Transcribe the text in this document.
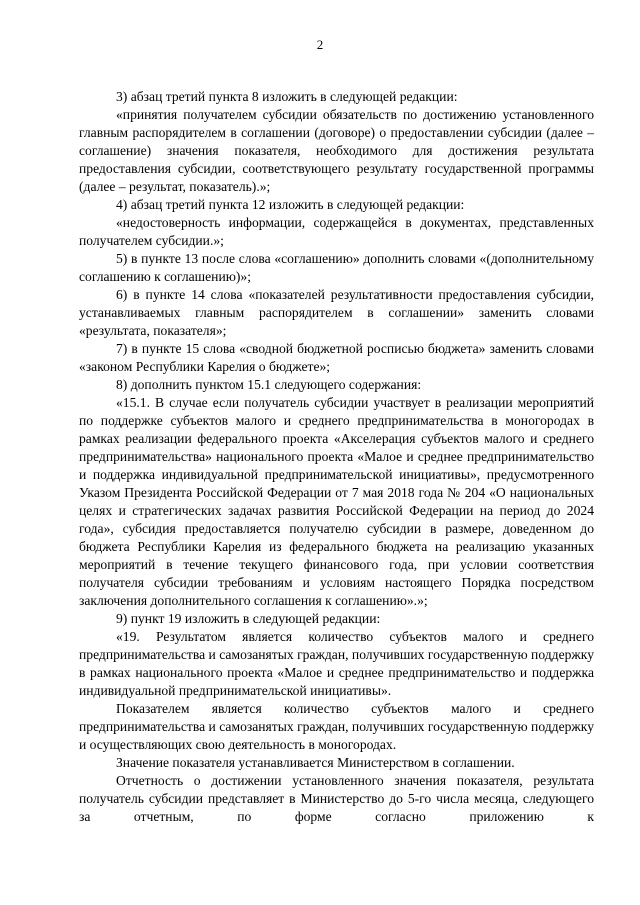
2

3) абзац третий пункта 8 изложить в следующей редакции:

«принятия получателем субсидии обязательств по достижению установленного главным распорядителем в соглашении (договоре) о предоставлении субсидии (далее – соглашение) значения показателя, необходимого для достижения результата предоставления субсидии, соответствующего результату государственной программы (далее – результат, показатель).»;

4) абзац третий пункта 12 изложить в следующей редакции:

«недостоверность информации, содержащейся в документах, представленных получателем субсидии.»;

5) в пункте 13 после слова «соглашению» дополнить словами «(дополнительному соглашению к соглашению)»;

6) в пункте 14 слова «показателей результативности предоставления субсидии, устанавливаемых главным распорядителем в соглашении» заменить словами «результата, показателя»;

7) в пункте 15 слова «сводной бюджетной росписью бюджета» заменить словами «законом Республики Карелия о бюджете»;

8) дополнить пунктом 15.1 следующего содержания:

«15.1. В случае если получатель субсидии участвует в реализации мероприятий по поддержке субъектов малого и среднего предпринимательства в моногородах в рамках реализации федерального проекта «Акселерация субъектов малого и среднего предпринимательства» национального проекта «Малое и среднее предпринимательство и поддержка индивидуальной предпринимательской инициативы», предусмотренного Указом Президента Российской Федерации от 7 мая 2018 года № 204 «О национальных целях и стратегических задачах развития Российской Федерации на период до 2024 года», субсидия предоставляется получателю субсидии в размере, доведенном до бюджета Республики Карелия из федерального бюджета на реализацию указанных мероприятий в течение текущего финансового года, при условии соответствия получателя субсидии требованиям и условиям настоящего Порядка посредством заключения дополнительного соглашения к соглашению».»;

9) пункт 19 изложить в следующей редакции:

«19. Результатом является количество субъектов малого и среднего предпринимательства и самозанятых граждан, получивших государственную поддержку в рамках национального проекта «Малое и среднее предпринимательство и поддержка индивидуальной предпринимательской инициативы».

Показателем является количество субъектов малого и среднего предпринимательства и самозанятых граждан, получивших государственную поддержку и осуществляющих свою деятельность в моногородах.

Значение показателя устанавливается Министерством в соглашении.

Отчетность о достижении установленного значения показателя, результата получатель субсидии представляет в Министерство до 5-го числа месяца, следующего за отчетным, по форме согласно приложению к
